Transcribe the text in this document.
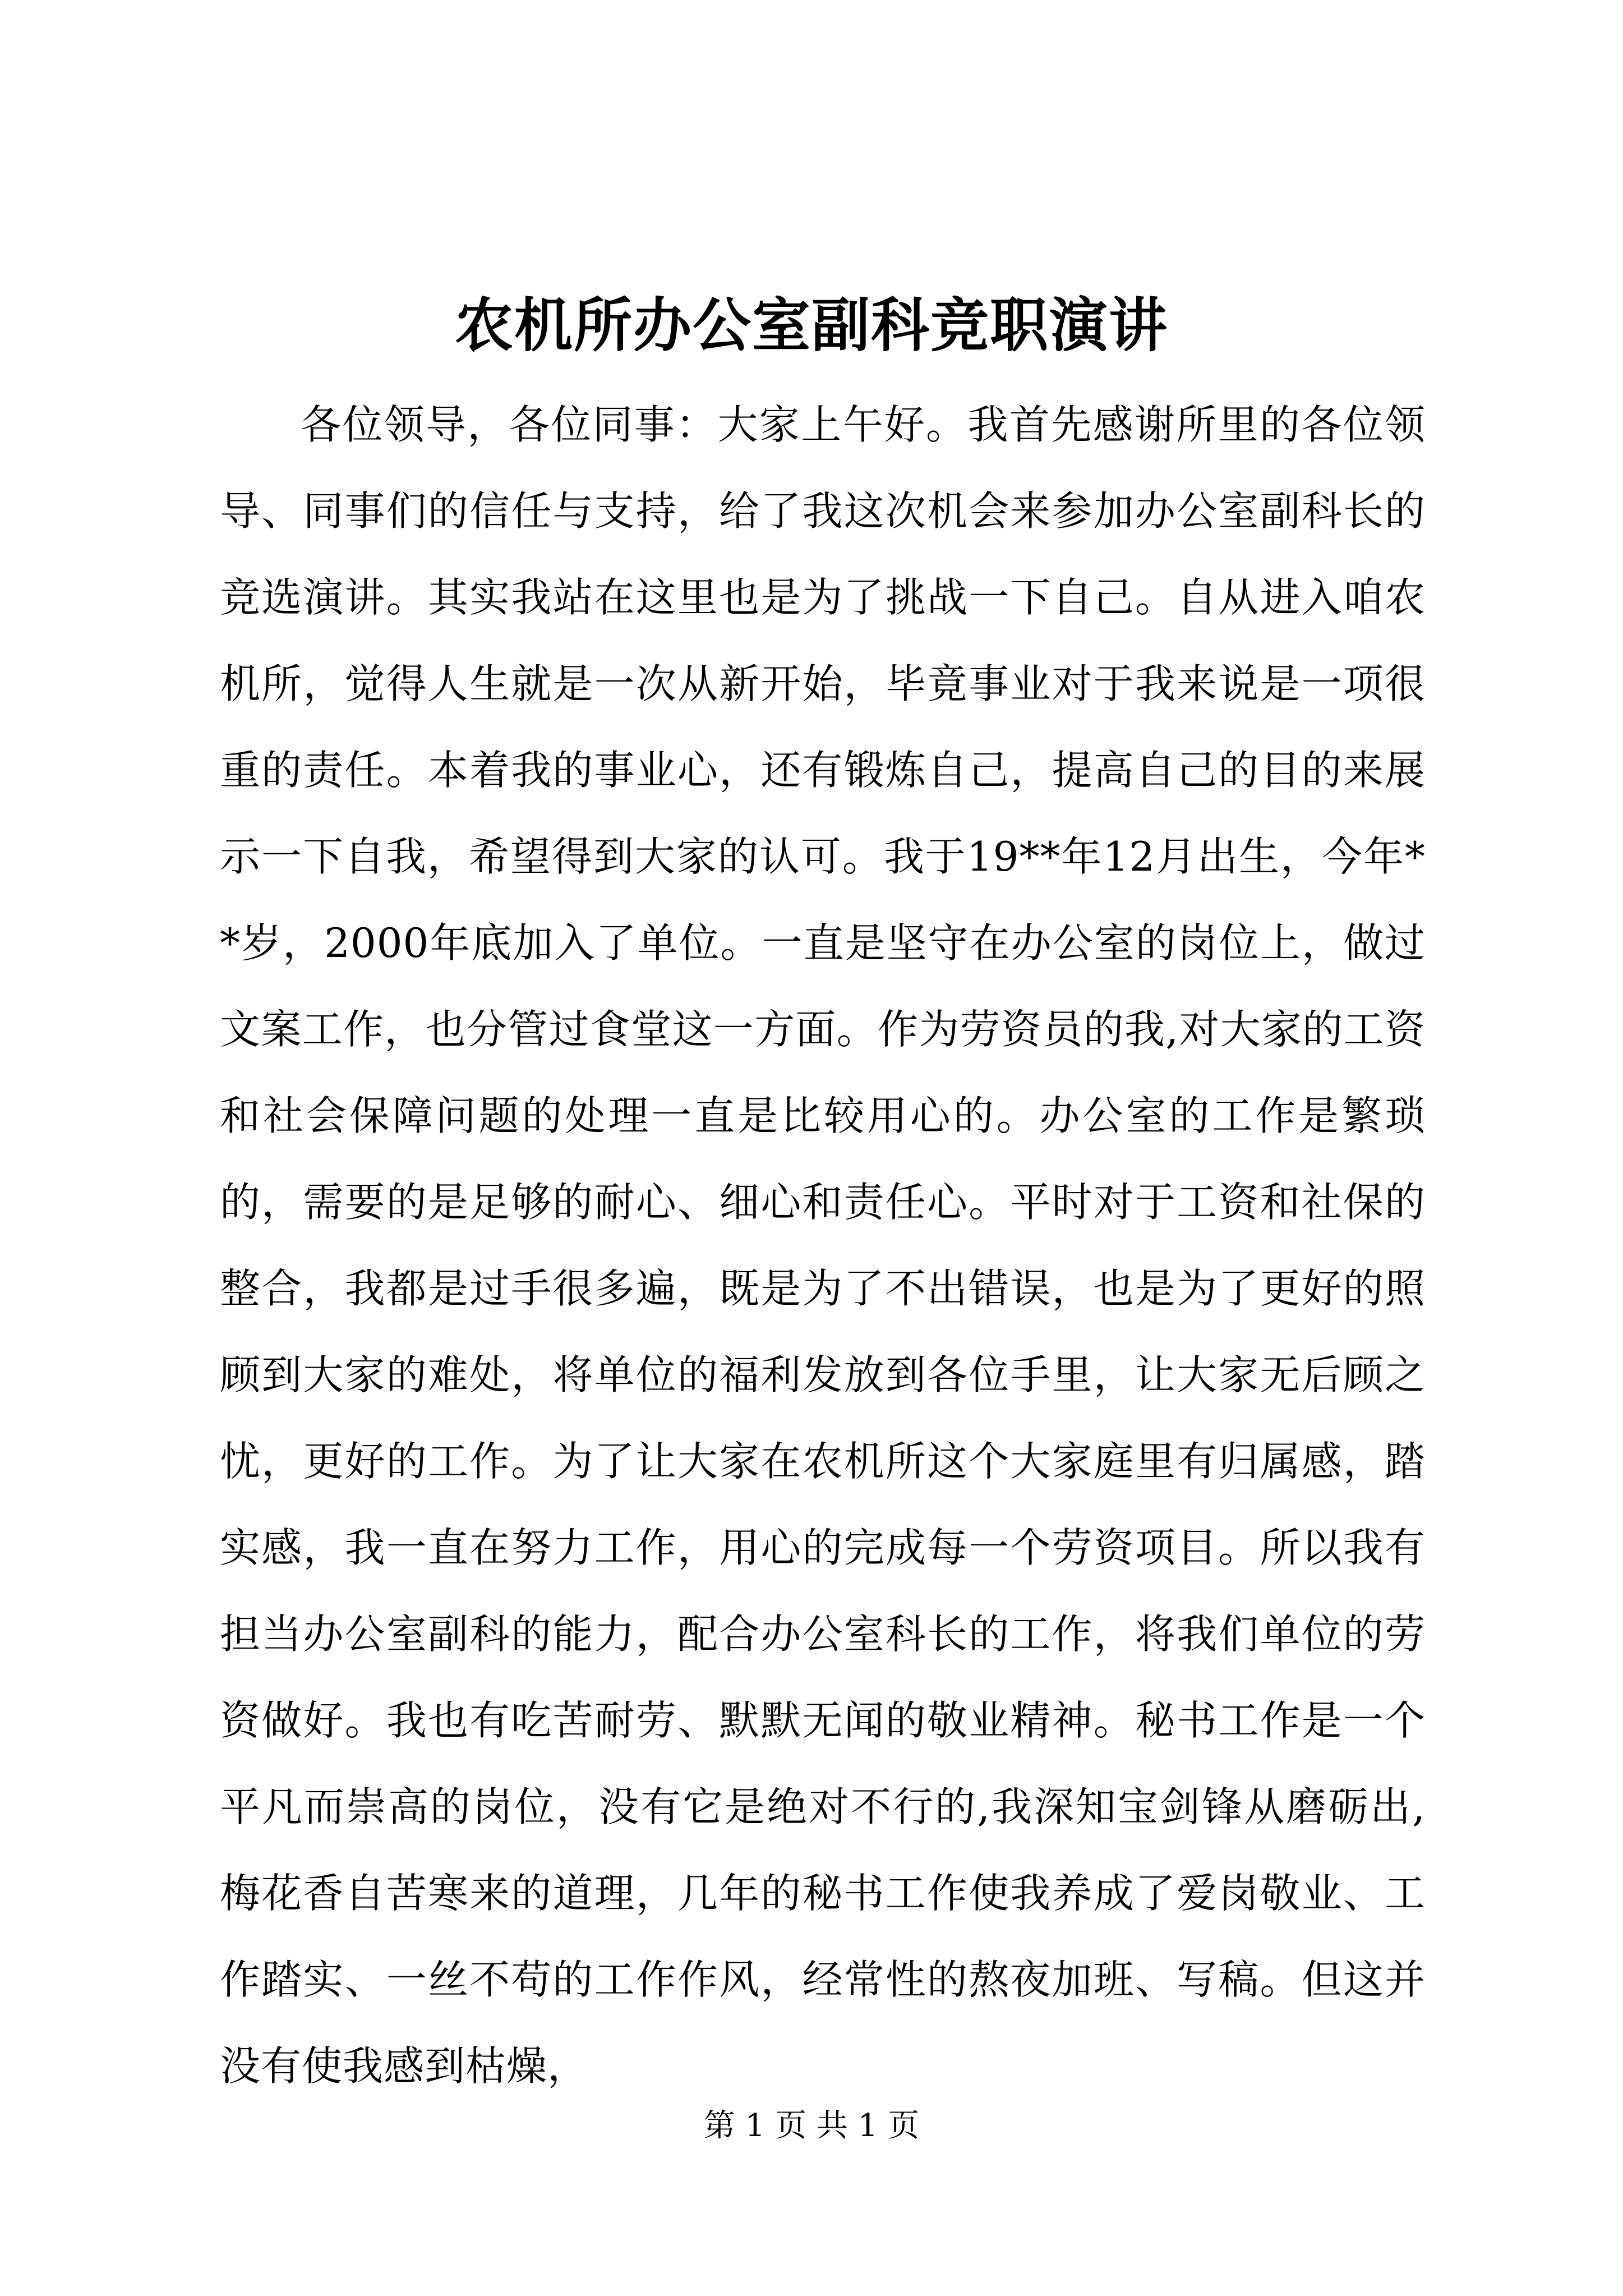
农机所办公室副科竞职演讲

各位领导，各位同事：大家上午好。我首先感谢所里的各位领导、同事们的信任与支持，给了我这次机会来参加办公室副科长的竞选演讲。其实我站在这里也是为了挑战一下自己。自从进入咱农机所，觉得人生就是一次从新开始，毕竟事业对于我来说是一项很重的责任。本着我的事业心，还有锻炼自己，提高自己的目的来展示一下自我，希望得到大家的认可。我于19**年12月出生，今年**岁，2000年底加入了单位。一直是坚守在办公室的岗位上，做过文案工作，也分管过食堂这一方面。作为劳资员的我,对大家的工资和社会保障问题的处理一直是比较用心的。办公室的工作是繁琐的，需要的是足够的耐心、细心和责任心。平时对于工资和社保的整合，我都是过手很多遍，既是为了不出错误，也是为了更好的照顾到大家的难处，将单位的福利发放到各位手里，让大家无后顾之忧，更好的工作。为了让大家在农机所这个大家庭里有归属感，踏实感，我一直在努力工作，用心的完成每一个劳资项目。所以我有担当办公室副科的能力，配合办公室科长的工作，将我们单位的劳资做好。我也有吃苦耐劳、默默无闻的敬业精神。秘书工作是一个平凡而崇高的岗位，没有它是绝对不行的,我深知宝剑锋从磨砺出,梅花香自苦寒来的道理，几年的秘书工作使我养成了爱岗敬业、工作踏实、一丝不苟的工作作风，经常性的熬夜加班、写稿。但这并没有使我感到枯燥，

第 1 页 共 1 页
